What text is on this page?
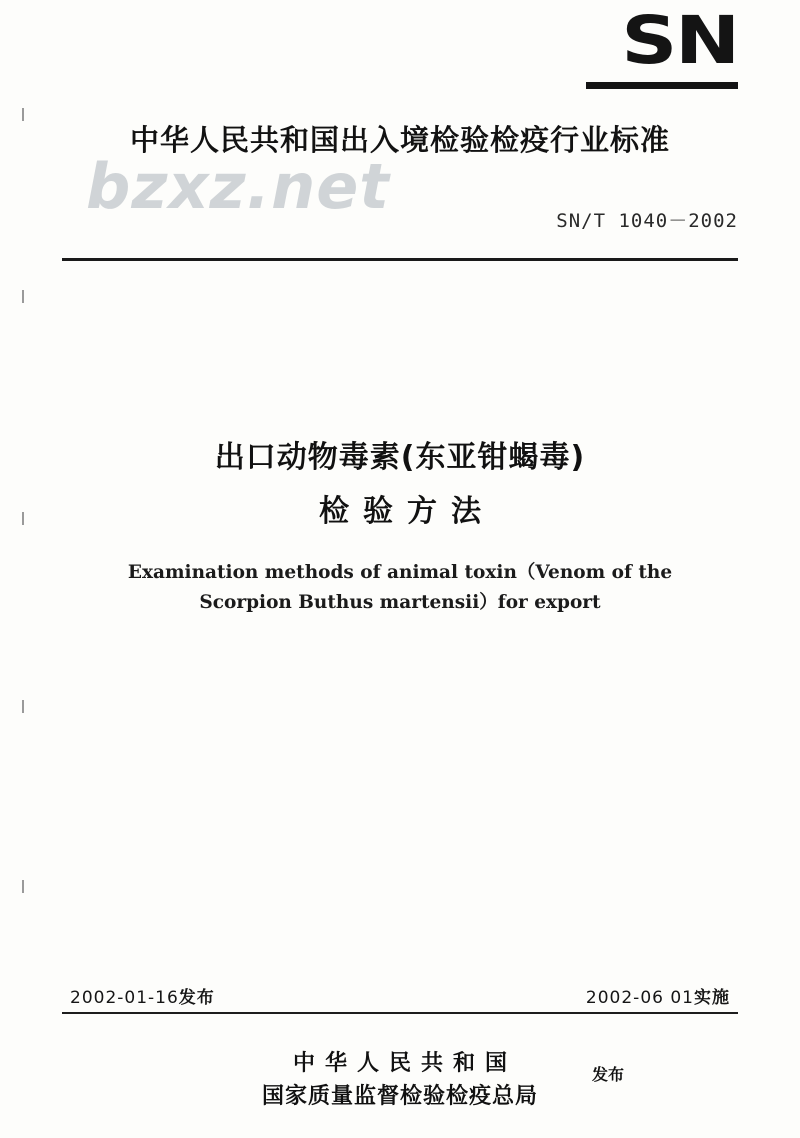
SN
中华人民共和国出入境检验检疫行业标准
SN/T 1040－2002
bzxz.net
出口动物毒素(东亚钳蝎毒)
检验方法
Examination methods of animal toxin（Venom of the
Scorpion Buthus martensii）for export
2002-01-16发布	2002-06 01实施
中华人民共和国
国家质量监督检验检疫总局
发布
